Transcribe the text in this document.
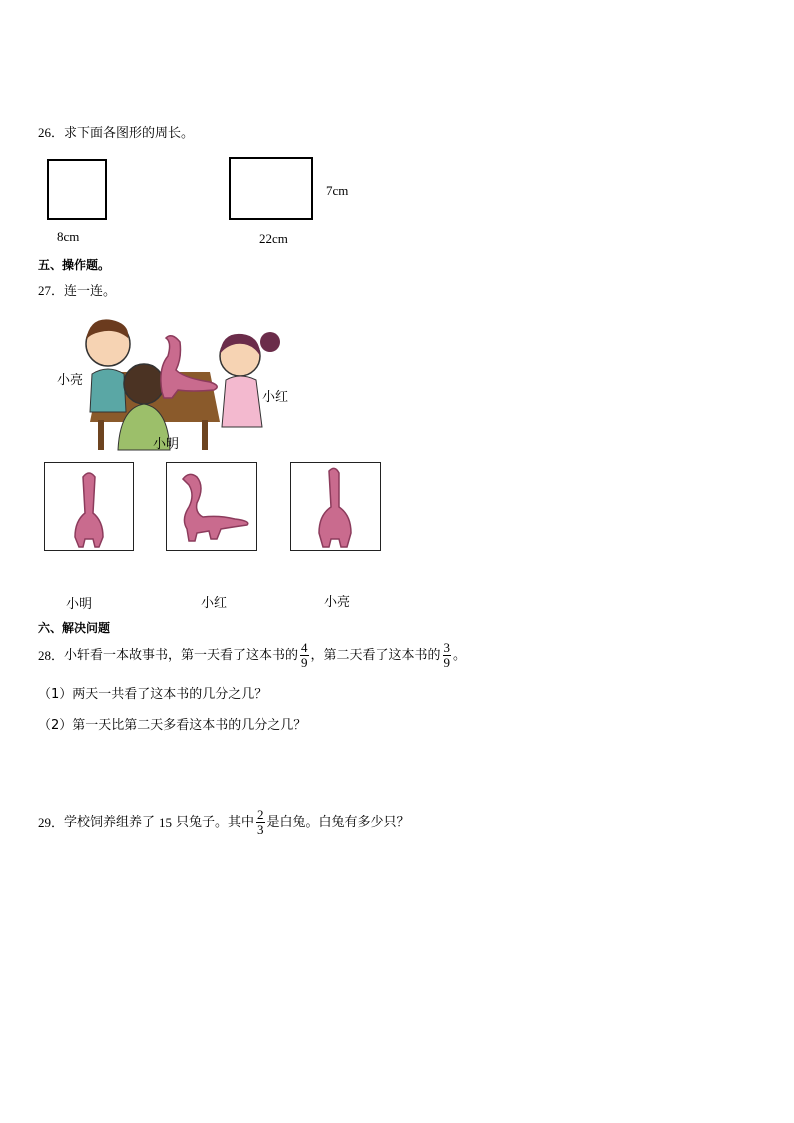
26．求下面各图形的周长。
8cm
7cm
22cm
五、操作题。
27．连一连。
小亮
小红
小明
小明	小红	小亮
六、解决问题
28． 小轩看一本故事书，第一天看了这本书的 $\frac{4}{9}$ ，第二天看了这本书的 $\frac{3}{9}$ 。
（1）两天一共看了这本书的几分之几？
（2）第一天比第二天多看这本书的几分之几？
29． 学校饲养组养了 15 只兔子。其中 $\frac{2}{3}$ 是白兔。白兔有多少只？
